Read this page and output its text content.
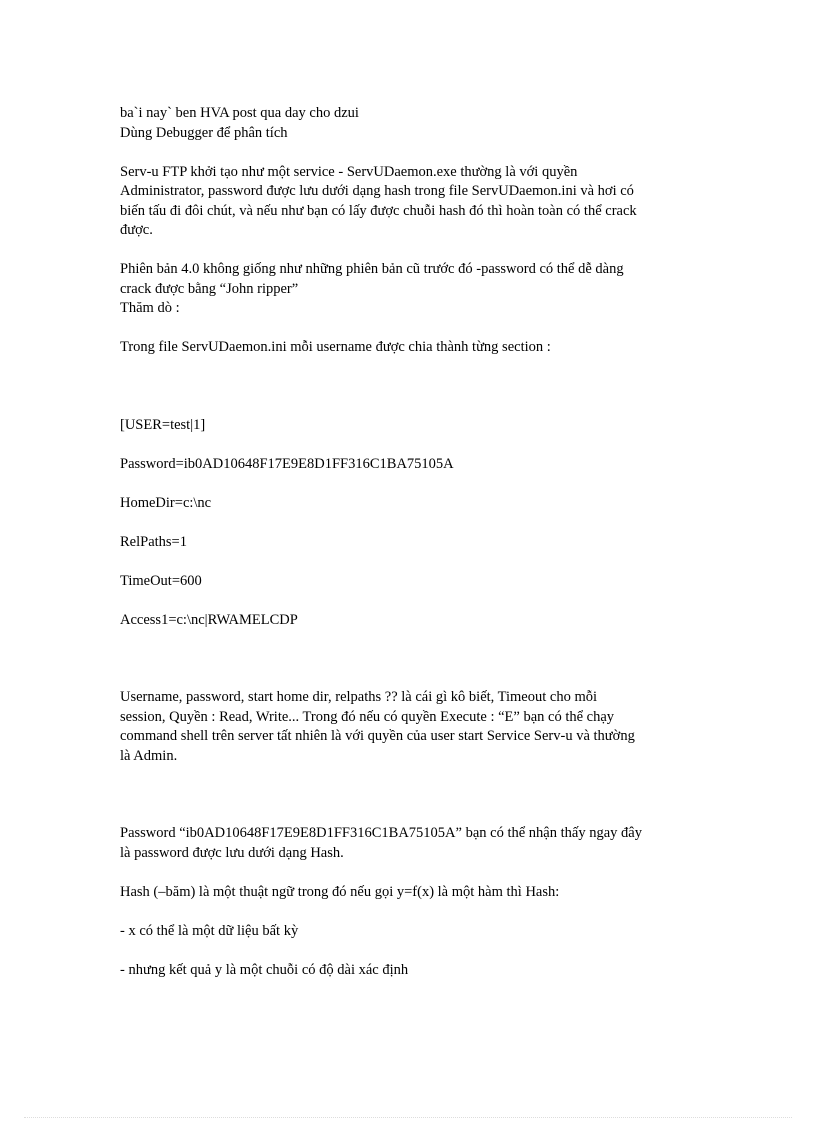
ba`i nay` ben HVA post qua day cho dzui

Dùng Debugger để phân tích

Serv-u FTP khởi tạo như một service - ServUDaemon.exe thường là với quyền

Administrator, password được lưu dưới dạng hash trong file ServUDaemon.ini và hơi có

biến tấu đi đôi chút, và nếu như bạn có lấy được chuỗi hash đó thì hoàn toàn có thể crack

được.

Phiên bản 4.0 không giống như những phiên bản cũ trước đó -password có thể dễ dàng

crack được bằng “John ripper”

Thăm dò :

Trong file ServUDaemon.ini mỗi username được chia thành từng section :

[USER=test|1]

Password=ib0AD10648F17E9E8D1FF316C1BA75105A

HomeDir=c:\nc

RelPaths=1

TimeOut=600

Access1=c:\nc|RWAMELCDP

Username, password, start home dir, relpaths ?? là cái gì kô biết, Timeout cho mỗi

session, Quyền : Read, Write... Trong đó nếu có quyền Execute : “E” bạn có thể chạy

command shell trên server tất nhiên là với quyền của user start Service Serv-u và thường

là Admin.

Password “ib0AD10648F17E9E8D1FF316C1BA75105A” bạn có thể nhận thấy ngay đây

là password được lưu dưới dạng Hash.

Hash (–băm) là một thuật ngữ trong đó nếu gọi y=f(x) là một hàm thì Hash:

- x có thể là một dữ liệu bất kỳ

- nhưng kết quả y là một chuỗi có độ dài xác định
